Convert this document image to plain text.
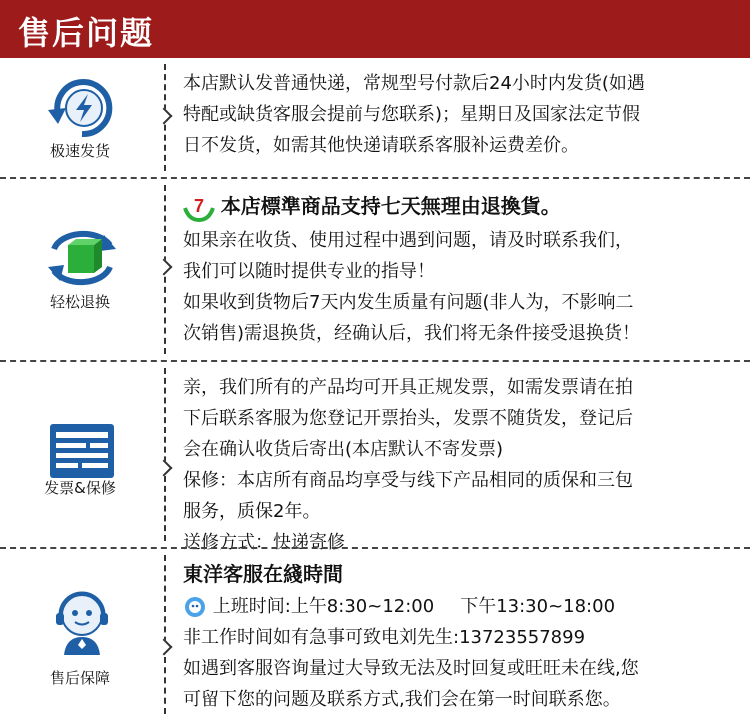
售后问题
极速发货
本店默认发普通快递，常规型号付款后24小时内发货(如遇
特配或缺货客服会提前与您联系)；星期日及国家法定节假
日不发货，如需其他快递请联系客服补运费差价。
轻松退换
7 本店標準商品支持七天無理由退換貨。
如果亲在收货、使用过程中遇到问题，请及时联系我们，
我们可以随时提供专业的指导！
如果收到货物后7天内发生质量有问题(非人为，不影响二
次销售)需退换货，经确认后，我们将无条件接受退换货！
发票&保修
亲，我们所有的产品均可开具正规发票，如需发票请在拍
下后联系客服为您登记开票抬头，发票不随货发，登记后
会在确认收货后寄出(本店默认不寄发票)
保修：本店所有商品均享受与线下产品相同的质保和三包
服务，质保2年。
送修方式：快递寄修
售后保障
東洋客服在綫時間
上班时间:上午8:30~12:00 下午13:30~18:00
非工作时间如有急事可致电刘先生:13723557899
如遇到客服咨询量过大导致无法及时回复或旺旺未在线,您
可留下您的问题及联系方式,我们会在第一时间联系您。
